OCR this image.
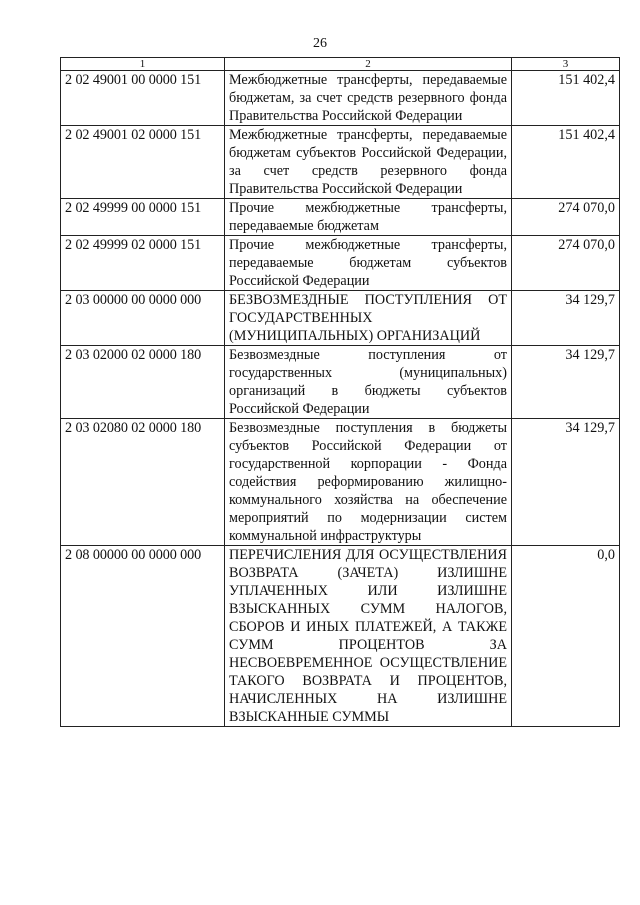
26
1	2	3
2 02 49001 00 0000 151	Межбюджетные трансферты, передаваемые бюджетам, за счет средств резервного фонда Правительства Российской Федерации	151 402,4
2 02 49001 02 0000 151	Межбюджетные трансферты, передаваемые бюджетам субъектов Российской Федерации, за счет средств резервного фонда Правительства Российской Федерации	151 402,4
2 02 49999 00 0000 151	Прочие межбюджетные трансферты, передаваемые бюджетам	274 070,0
2 02 49999 02 0000 151	Прочие межбюджетные трансферты, передаваемые бюджетам субъектов Российской Федерации	274 070,0
2 03 00000 00 0000 000	БЕЗВОЗМЕЗДНЫЕ ПОСТУПЛЕНИЯ ОТ ГОСУДАРСТВЕННЫХ (МУНИЦИПАЛЬНЫХ) ОРГАНИЗАЦИЙ	34 129,7
2 03 02000 02 0000 180	Безвозмездные поступления от государственных (муниципальных) организаций в бюджеты субъектов Российской Федерации	34 129,7
2 03 02080 02 0000 180	Безвозмездные поступления в бюджеты субъектов Российской Федерации от государственной корпорации - Фонда содействия реформированию жилищно-коммунального хозяйства на обеспечение мероприятий по модернизации систем коммунальной инфраструктуры	34 129,7
2 08 00000 00 0000 000	ПЕРЕЧИСЛЕНИЯ ДЛЯ ОСУЩЕСТВЛЕНИЯ ВОЗВРАТА (ЗАЧЕТА) ИЗЛИШНЕ УПЛАЧЕННЫХ ИЛИ ИЗЛИШНЕ ВЗЫСКАННЫХ СУММ НАЛОГОВ, СБОРОВ И ИНЫХ ПЛАТЕЖЕЙ, А ТАКЖЕ СУММ ПРОЦЕНТОВ ЗА НЕСВОЕВРЕМЕННОЕ ОСУЩЕСТВЛЕНИЕ ТАКОГО ВОЗВРАТА И ПРОЦЕНТОВ, НАЧИСЛЕННЫХ НА ИЗЛИШНЕ ВЗЫСКАННЫЕ СУММЫ	0,0
